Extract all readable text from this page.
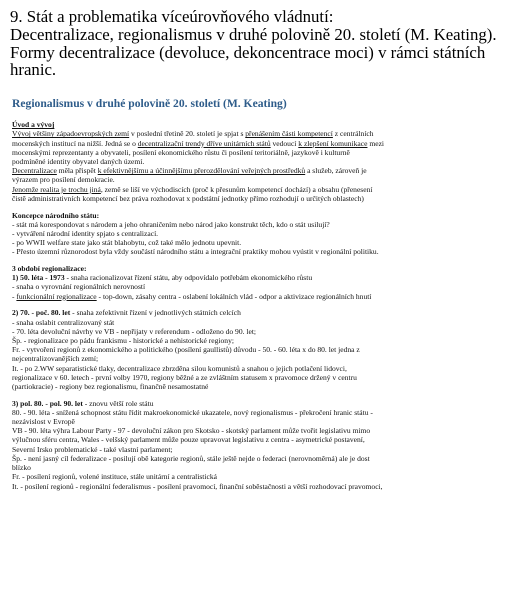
9. Stát a problematika víceúrovňového vládnutí:
Decentralizace, regionalismus v druhé polovině 20. století (M. Keating).
Formy decentralizace (devoluce, dekoncentrace moci) v rámci státních
hranic.
Regionalismus v druhé polovině 20. století (M. Keating)
Úvod a vývoj
Vývoj většiny západoevropských zemí v poslední třetině 20. století je spjat s přenášením části kompetencí z centrálních
mocenských institucí na nižší. Jedná se o decentralizační trendy dříve unitárních států vedoucí k zlepšení komunikace mezi
mocenskými reprezentanty a obyvateli, posílení ekonomického růstu či posílení teritoriálně, jazykově i kulturně
podmíněné identity obyvatel daných území.
Decentralizace měla přispět k efektivnějšímu a účinnějšímu přerozdělování veřejných prostředků a služeb, zároveň je
výrazem pro posílení demokracie.
Jenomže realita je trochu jiná, země se liší ve východiscích (proč k přesunům kompetencí dochází) a obsahu (přenesení
čistě administrativních kompetencí bez práva rozhodovat x podstátní jednotky přímo rozhodují o určitých oblastech)
Koncepce národního státu:
- stát má korespondovat s národem a jeho ohraničením nebo národ jako konstrukt těch, kdo o stát usilují?
- vytváření národní identity spjato s centralizací.
- po WWII welfare state jako stát blahobytu, což také mělo jednotu upevnit.
- Přesto územní různorodost byla vždy součástí národního státu a integrační praktiky mohou vyústit v regionální politiku.
3 období regionalizace:
1) 50. léta - 1973 - snaha racionalizovat řízení státu, aby odpovídalo potřebám ekonomického růstu
- snaha o vyrovnání regionálních nerovností
- funkcionální regionalizace - top-down, zásahy centra - oslabení lokálních vlád - odpor a aktivizace regionálních hnutí
2) 70. - poč. 80. let - snaha zefektivnit řízení v jednotlivých státních celcích
- snaha oslabit centralizovaný stát
- 70. léta devoluční návrhy ve VB - nepřijaty v referendum - odloženo do 90. let;
Šp. - regionalizace po pádu frankismu - historické a nehistorické regiony;
Fr. - vytvoření regionů z ekonomického a politického (posílení gaullistů) důvodu - 50. - 60. léta x do 80. let jedna z
nejcentralizovanějších zemí;
It. - po 2.WW separatistické tlaky, decentralizace zbrzděna silou komunistů a snahou o jejich potlačení lidovci,
regionalizace v 60. letech - první volby 1970, regiony běžné a ze zvláštním statusem x pravomoce držený v centru
(partiokracie) - regiony bez regionalismu, finančně nesamostatné
3) pol. 80. - pol. 90. let - znovu větší role státu
80. - 90. léta - snížená schopnost státu řídit makroekonomické ukazatele, nový regionalismus - překročení hranic státu -
nezávislost v Evropě
VB - 90. léta výhra Labour Party - 97 - devoluční zákon pro Skotsko - skotský parlament může tvořit legislativu mimo
výlučnou sféru centra, Wales - velšský parlament může pouze upravovat legislativu z centra - asymetrické postavení,
Severní Irsko problematické - také vlastní parlament;
Šp. - není jasný cíl federalizace - posilují obě kategorie regionů, stále ještě nejde o federaci (nerovnoměrná) ale je dost
blízko
Fr. - posílení regionů, volené instituce, stále unitární a centralistická
It. - posílení regionů - regionální federalismus - posílení pravomocí, finanční soběstačnosti a větší rozhodovací pravomoci,
